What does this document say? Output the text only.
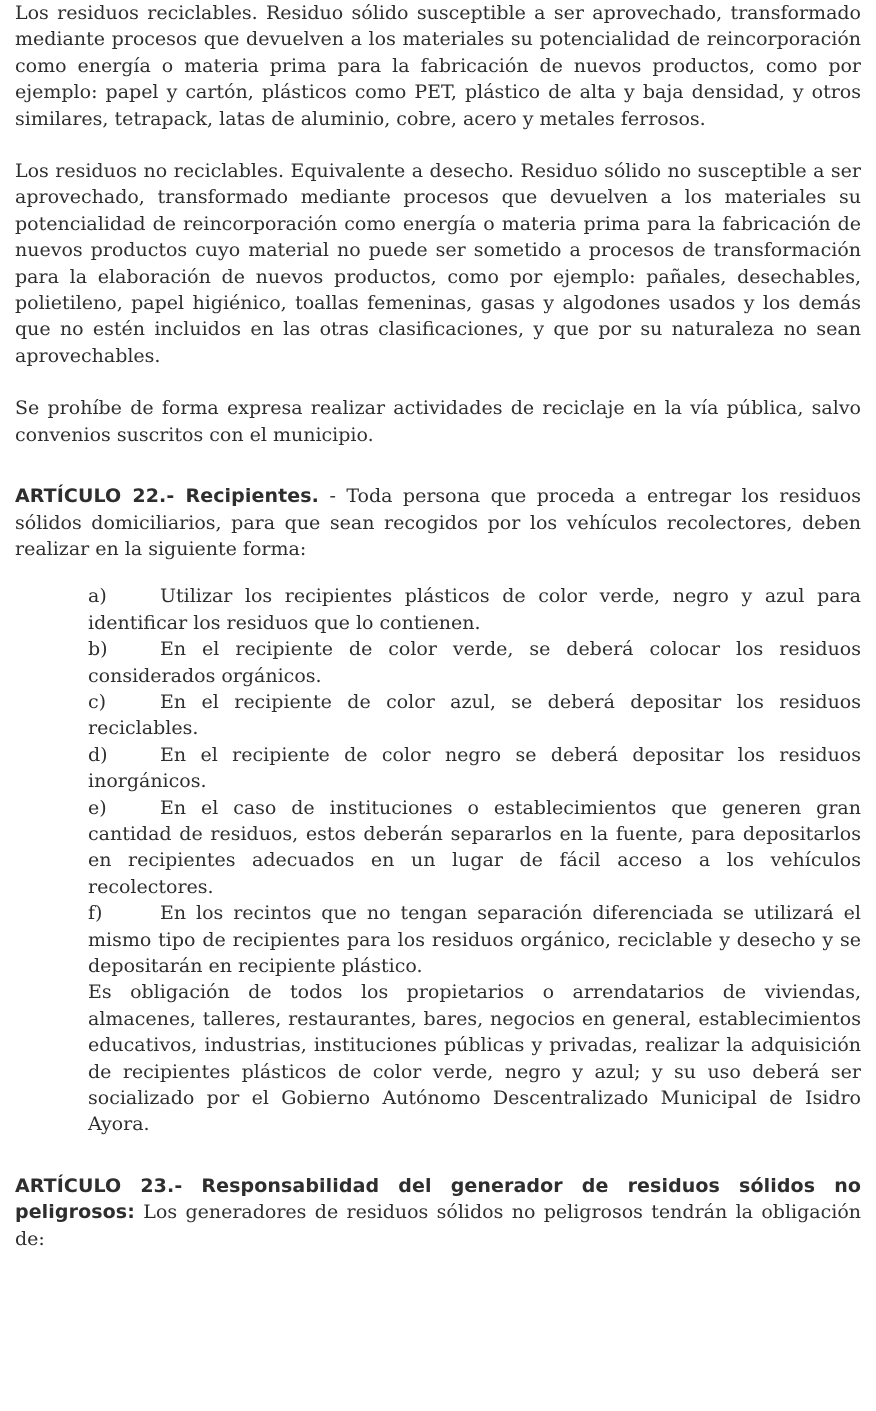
Los residuos reciclables. Residuo sólido susceptible a ser aprovechado, transformado mediante procesos que devuelven a los materiales su potencialidad de reincorporación como energía o materia prima para la fabricación de nuevos productos, como por ejemplo: papel y cartón, plásticos como PET, plástico de alta y baja densidad, y otros similares, tetrapack, latas de aluminio, cobre, acero y metales ferrosos.

Los residuos no reciclables. Equivalente a desecho. Residuo sólido no susceptible a ser aprovechado, transformado mediante procesos que devuelven a los materiales su potencialidad de reincorporación como energía o materia prima para la fabricación de nuevos productos cuyo material no puede ser sometido a procesos de transformación para la elaboración de nuevos productos, como por ejemplo: pañales, desechables, polietileno, papel higiénico, toallas femeninas, gasas y algodones usados y los demás que no estén incluidos en las otras clasificaciones, y que por su naturaleza no sean aprovechables.

Se prohíbe de forma expresa realizar actividades de reciclaje en la vía pública, salvo convenios suscritos con el municipio.

ARTÍCULO 22.- Recipientes. - Toda persona que proceda a entregar los residuos sólidos domiciliarios, para que sean recogidos por los vehículos recolectores, deben realizar en la siguiente forma:

a)	Utilizar los recipientes plásticos de color verde, negro y azul para identificar los residuos que lo contienen.
b)	En el recipiente de color verde, se deberá colocar los residuos considerados orgánicos.
c)	En el recipiente de color azul, se deberá depositar los residuos reciclables.
d)	En el recipiente de color negro se deberá depositar los residuos inorgánicos.
e)	En el caso de instituciones o establecimientos que generen gran cantidad de residuos, estos deberán separarlos en la fuente, para depositarlos en recipientes adecuados en un lugar de fácil acceso a los vehículos recolectores.
f)	En los recintos que no tengan separación diferenciada se utilizará el mismo tipo de recipientes para los residuos orgánico, reciclable y desecho y se depositarán en recipiente plástico.

Es obligación de todos los propietarios o arrendatarios de viviendas, almacenes, talleres, restaurantes, bares, negocios en general, establecimientos educativos, industrias, instituciones públicas y privadas, realizar la adquisición de recipientes plásticos de color verde, negro y azul; y su uso deberá ser socializado por el Gobierno Autónomo Descentralizado Municipal de Isidro Ayora.

ARTÍCULO 23.- Responsabilidad del generador de residuos sólidos no peligrosos: Los generadores de residuos sólidos no peligrosos tendrán la obligación de:
